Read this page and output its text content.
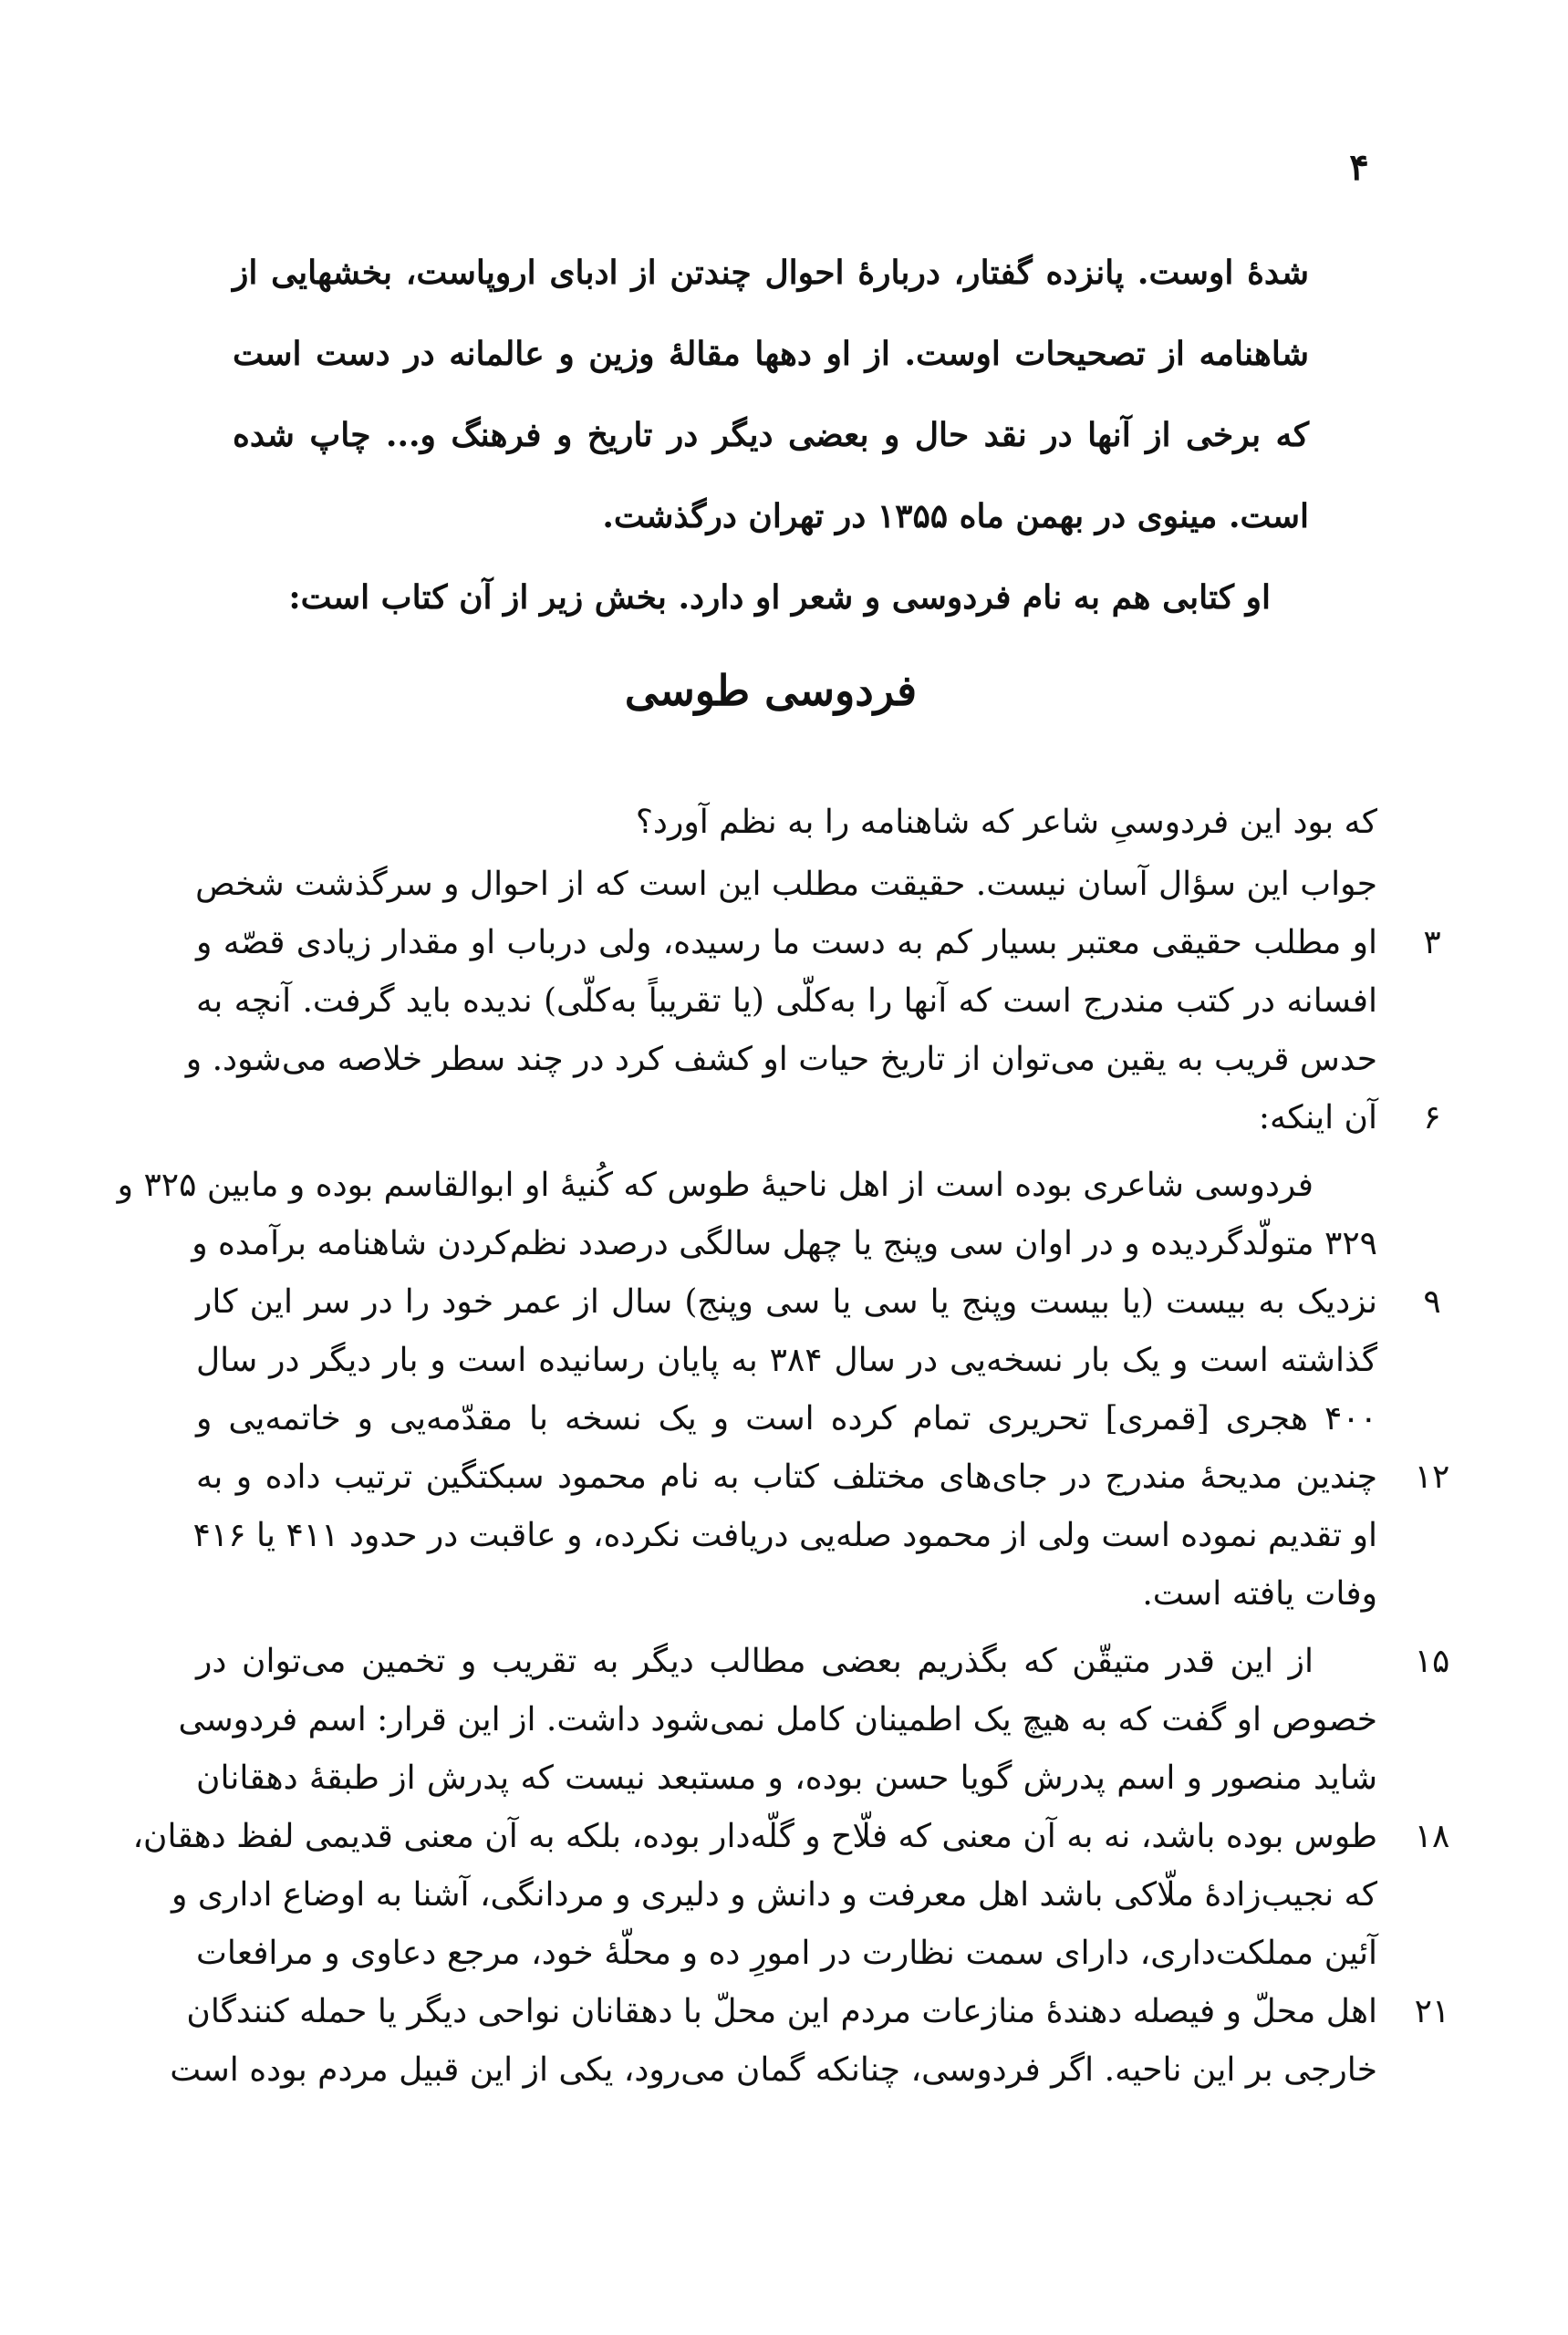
۴

شدهٔ اوست. پانزده گفتار، دربارهٔ احوال چندتن از ادبای اروپاست، بخشهایی از شاهنامه از تصحیحات اوست. از او دهها مقالهٔ وزین و عالمانه در دست است که برخی از آنها در نقد حال و بعضی دیگر در تاریخ و فرهنگ و... چاپ شده است. مینوی در بهمن ماه ۱۳۵۵ در تهران درگذشت.

او کتابی هم به نام فردوسی و شعر او دارد. بخش زیر از آن کتاب است:

فردوسی طوسی
که بود این فردوسیِ شاعر که شاهنامه را به نظم آورد؟
جواب این سؤال آسان نیست. حقیقت مطلب این است که از احوال و سرگذشت شخص
او مطلب حقیقی معتبر بسیار کم به دست ما رسیده، ولی درباب او مقدار زیادی قصّه و
افسانه در کتب مندرج است که آنها را به‌کلّی (یا تقریباً به‌کلّی) ندیده باید گرفت. آنچه به
حدس قریب به یقین می‌توان از تاریخ حیات او کشف کرد در چند سطر خلاصه می‌شود. و
آن اینکه:
فردوسی شاعری بوده است از اهل ناحیهٔ طوس که کُنیهٔ او ابوالقاسم بوده و مابین ۳۲۵ و
۳۲۹ متولّدگردیده و در اوان سی وپنج یا چهل سالگی درصدد نظم‌کردن شاهنامه برآمده و
نزدیک به بیست (یا بیست وپنج یا سی یا سی وپنج) سال از عمر خود را در سر این کار
گذاشته است و یک بار نسخه‌یی در سال ۳۸۴ به پایان رسانیده است و بار دیگر در سال
۴۰۰ هجری [قمری] تحریری تمام کرده است و یک نسخه با مقدّمه‌یی و خاتمه‌یی و
چندین مدیحهٔ مندرج در جای‌های مختلف کتاب به نام محمود سبکتگین ترتیب داده و به
او تقدیم نموده است ولی از محمود صله‌یی دریافت نکرده، و عاقبت در حدود ۴۱۱ یا ۴۱۶
وفات یافته است.
از این قدر متیقّن که بگذریم بعضی مطالب دیگر به تقریب و تخمین می‌توان در
خصوص او گفت که به هیچ یک اطمینان کامل نمی‌شود داشت. از این قرار: اسم فردوسی
شاید منصور و اسم پدرش گویا حسن بوده، و مستبعد نیست که پدرش از طبقهٔ دهقانان
طوس بوده باشد، نه به آن معنی که فلّاح و گلّه‌دار بوده، بلکه به آن معنی قدیمی لفظ دهقان،
که نجیب‌زادهٔ ملّاکی باشد اهل معرفت و دانش و دلیری و مردانگی، آشنا به اوضاع اداری و
آئین مملکت‌داری، دارای سمت نظارت در امورِ ده و محلّهٔ خود، مرجع دعاوی و مرافعات
اهل محلّ و فیصله دهندهٔ منازعات مردم این محلّ با دهقانان نواحی دیگر یا حمله کنندگان
خارجی بر این ناحیه. اگر فردوسی، چنانکه گمان می‌رود، یکی از این قبیل مردم بوده است
۳
۶
۹
۱۲
۱۵
۱۸
۲۱
